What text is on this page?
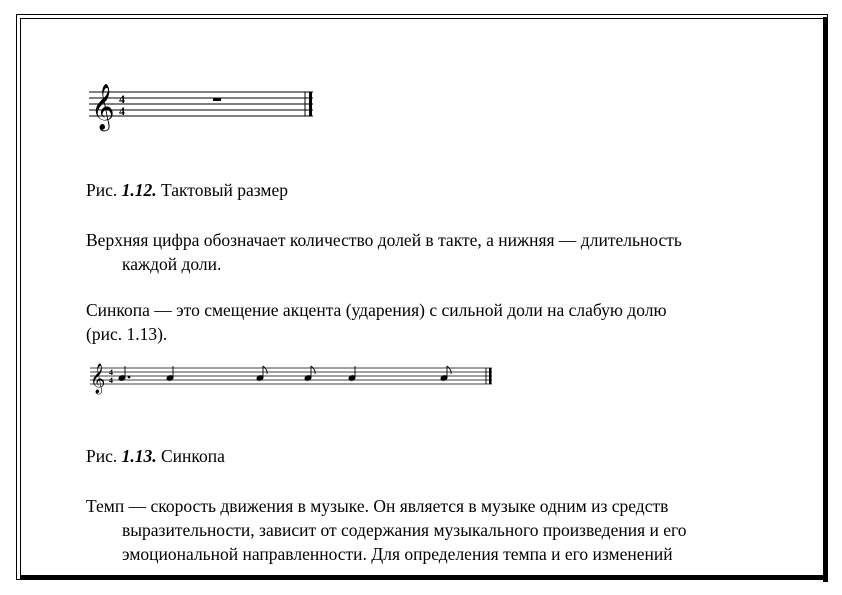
𝄞 4
4
Рис. 1.12. Тактовый размер
Верхняя цифра обозначает количество долей в такте, а нижняя — длительность
каждой доли.
Синкопа — это смещение акцента (ударения) с сильной доли на слабую долю
(рис. 1.13).
𝄞 4
4
Рис. 1.13. Синкопа
Темп — скорость движения в музыке. Он является в музыке одним из средств
выразительности, зависит от содержания музыкального произведения и его
эмоциональной направленности. Для определения темпа и его изменений
